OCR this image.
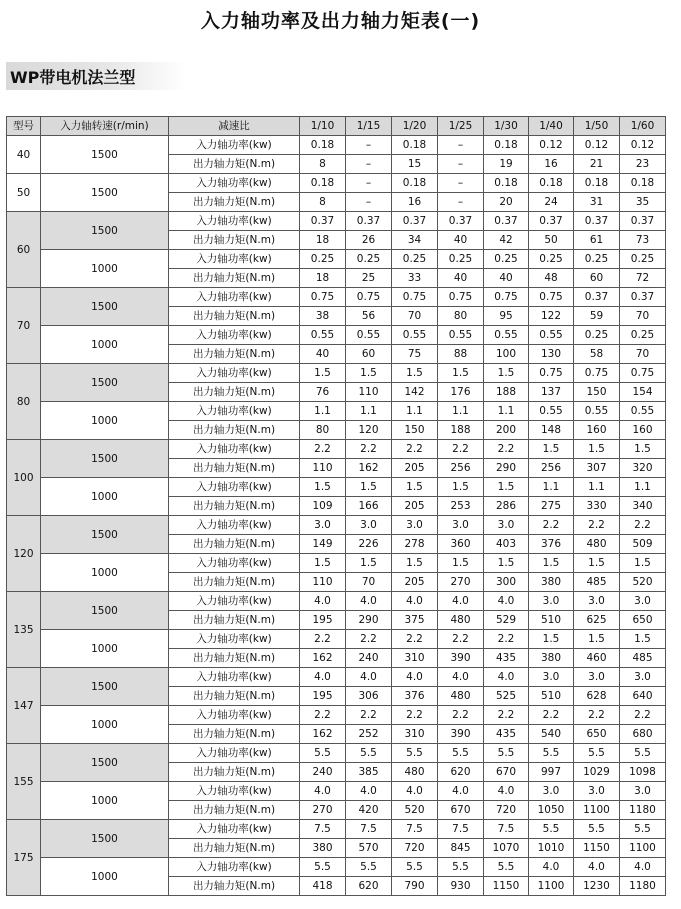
入力轴功率及出力轴力矩表(一)
WP带电机法兰型
型号	入力轴转速(r/min)	减速比	1/10	1/15	1/20	1/25	1/30	1/40	1/50	1/60
40	1500	入力轴功率(kw)	0.18	–	0.18	–	0.18	0.12	0.12	0.12
		出力轴力矩(N.m)	8	–	15	–	19	16	21	23
50	1500	入力轴功率(kw)	0.18	–	0.18	–	0.18	0.18	0.18	0.18
		出力轴力矩(N.m)	8	–	16	–	20	24	31	35
60	1500	入力轴功率(kw)	0.37	0.37	0.37	0.37	0.37	0.37	0.37	0.37
		出力轴力矩(N.m)	18	26	34	40	42	50	61	73
	1000	入力轴功率(kw)	0.25	0.25	0.25	0.25	0.25	0.25	0.25	0.25
		出力轴力矩(N.m)	18	25	33	40	40	48	60	72
70	1500	入力轴功率(kw)	0.75	0.75	0.75	0.75	0.75	0.75	0.37	0.37
		出力轴力矩(N.m)	38	56	70	80	95	122	59	70
	1000	入力轴功率(kw)	0.55	0.55	0.55	0.55	0.55	0.55	0.25	0.25
		出力轴力矩(N.m)	40	60	75	88	100	130	58	70
80	1500	入力轴功率(kw)	1.5	1.5	1.5	1.5	1.5	0.75	0.75	0.75
		出力轴力矩(N.m)	76	110	142	176	188	137	150	154
	1000	入力轴功率(kw)	1.1	1.1	1.1	1.1	1.1	0.55	0.55	0.55
		出力轴力矩(N.m)	80	120	150	188	200	148	160	160
100	1500	入力轴功率(kw)	2.2	2.2	2.2	2.2	2.2	1.5	1.5	1.5
		出力轴力矩(N.m)	110	162	205	256	290	256	307	320
	1000	入力轴功率(kw)	1.5	1.5	1.5	1.5	1.5	1.1	1.1	1.1
		出力轴力矩(N.m)	109	166	205	253	286	275	330	340
120	1500	入力轴功率(kw)	3.0	3.0	3.0	3.0	3.0	2.2	2.2	2.2
		出力轴力矩(N.m)	149	226	278	360	403	376	480	509
	1000	入力轴功率(kw)	1.5	1.5	1.5	1.5	1.5	1.5	1.5	1.5
		出力轴力矩(N.m)	110	70	205	270	300	380	485	520
135	1500	入力轴功率(kw)	4.0	4.0	4.0	4.0	4.0	3.0	3.0	3.0
		出力轴力矩(N.m)	195	290	375	480	529	510	625	650
	1000	入力轴功率(kw)	2.2	2.2	2.2	2.2	2.2	1.5	1.5	1.5
		出力轴力矩(N.m)	162	240	310	390	435	380	460	485
147	1500	入力轴功率(kw)	4.0	4.0	4.0	4.0	4.0	3.0	3.0	3.0
		出力轴力矩(N.m)	195	306	376	480	525	510	628	640
	1000	入力轴功率(kw)	2.2	2.2	2.2	2.2	2.2	2.2	2.2	2.2
		出力轴力矩(N.m)	162	252	310	390	435	540	650	680
155	1500	入力轴功率(kw)	5.5	5.5	5.5	5.5	5.5	5.5	5.5	5.5
		出力轴力矩(N.m)	240	385	480	620	670	997	1029	1098
	1000	入力轴功率(kw)	4.0	4.0	4.0	4.0	4.0	3.0	3.0	3.0
		出力轴力矩(N.m)	270	420	520	670	720	1050	1100	1180
175	1500	入力轴功率(kw)	7.5	7.5	7.5	7.5	7.5	5.5	5.5	5.5
		出力轴力矩(N.m)	380	570	720	845	1070	1010	1150	1100
	1000	入力轴功率(kw)	5.5	5.5	5.5	5.5	5.5	4.0	4.0	4.0
		出力轴力矩(N.m)	418	620	790	930	1150	1100	1230	1180
